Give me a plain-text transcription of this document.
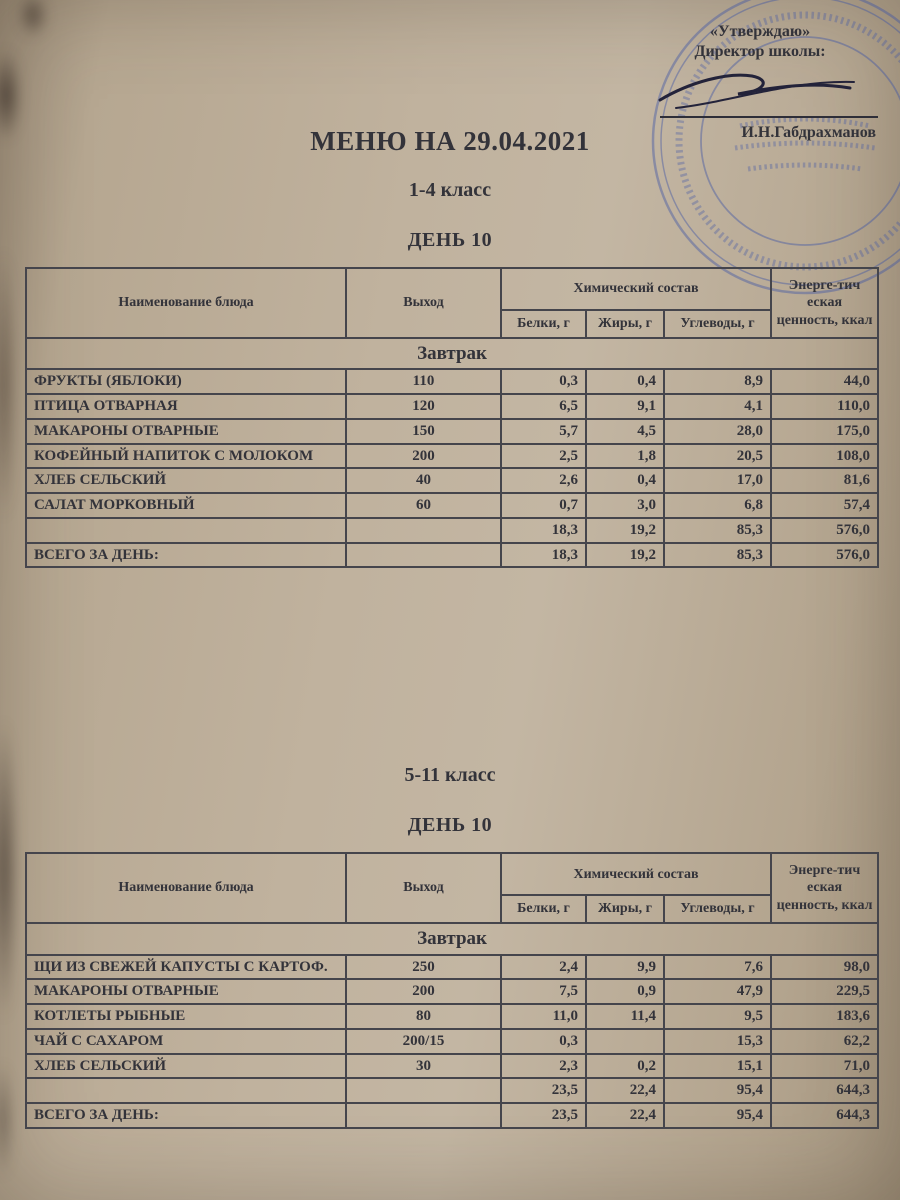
«Утверждаю»
Директор школы:
И.Н.Габдрахманов
МЕНЮ НА 29.04.2021
1-4 класс
ДЕНЬ 10
Наименование блюда	Выход	Химический состав			Энерге-тич еская ценность, ккал
		Белки, г	Жиры, г	Углеводы, г	
Завтрак					
ФРУКТЫ (ЯБЛОКИ)	110	0,3	0,4	8,9	44,0
ПТИЦА ОТВАРНАЯ	120	6,5	9,1	4,1	110,0
МАКАРОНЫ ОТВАРНЫЕ	150	5,7	4,5	28,0	175,0
КОФЕЙНЫЙ НАПИТОК С МОЛОКОМ	200	2,5	1,8	20,5	108,0
ХЛЕБ СЕЛЬСКИЙ	40	2,6	0,4	17,0	81,6
САЛАТ МОРКОВНЫЙ	60	0,7	3,0	6,8	57,4
		18,3	19,2	85,3	576,0
ВСЕГО ЗА ДЕНЬ:		18,3	19,2	85,3	576,0
5-11 класс
ДЕНЬ 10
Наименование блюда	Выход	Химический состав			Энерге-тич еская ценность, ккал
		Белки, г	Жиры, г	Углеводы, г	
Завтрак					
ЩИ ИЗ СВЕЖЕЙ КАПУСТЫ С КАРТОФ.	250	2,4	9,9	7,6	98,0
МАКАРОНЫ ОТВАРНЫЕ	200	7,5	0,9	47,9	229,5
КОТЛЕТЫ РЫБНЫЕ	80	11,0	11,4	9,5	183,6
ЧАЙ С САХАРОМ	200/15	0,3		15,3	62,2
ХЛЕБ СЕЛЬСКИЙ	30	2,3	0,2	15,1	71,0
		23,5	22,4	95,4	644,3
ВСЕГО ЗА ДЕНЬ:		23,5	22,4	95,4	644,3
